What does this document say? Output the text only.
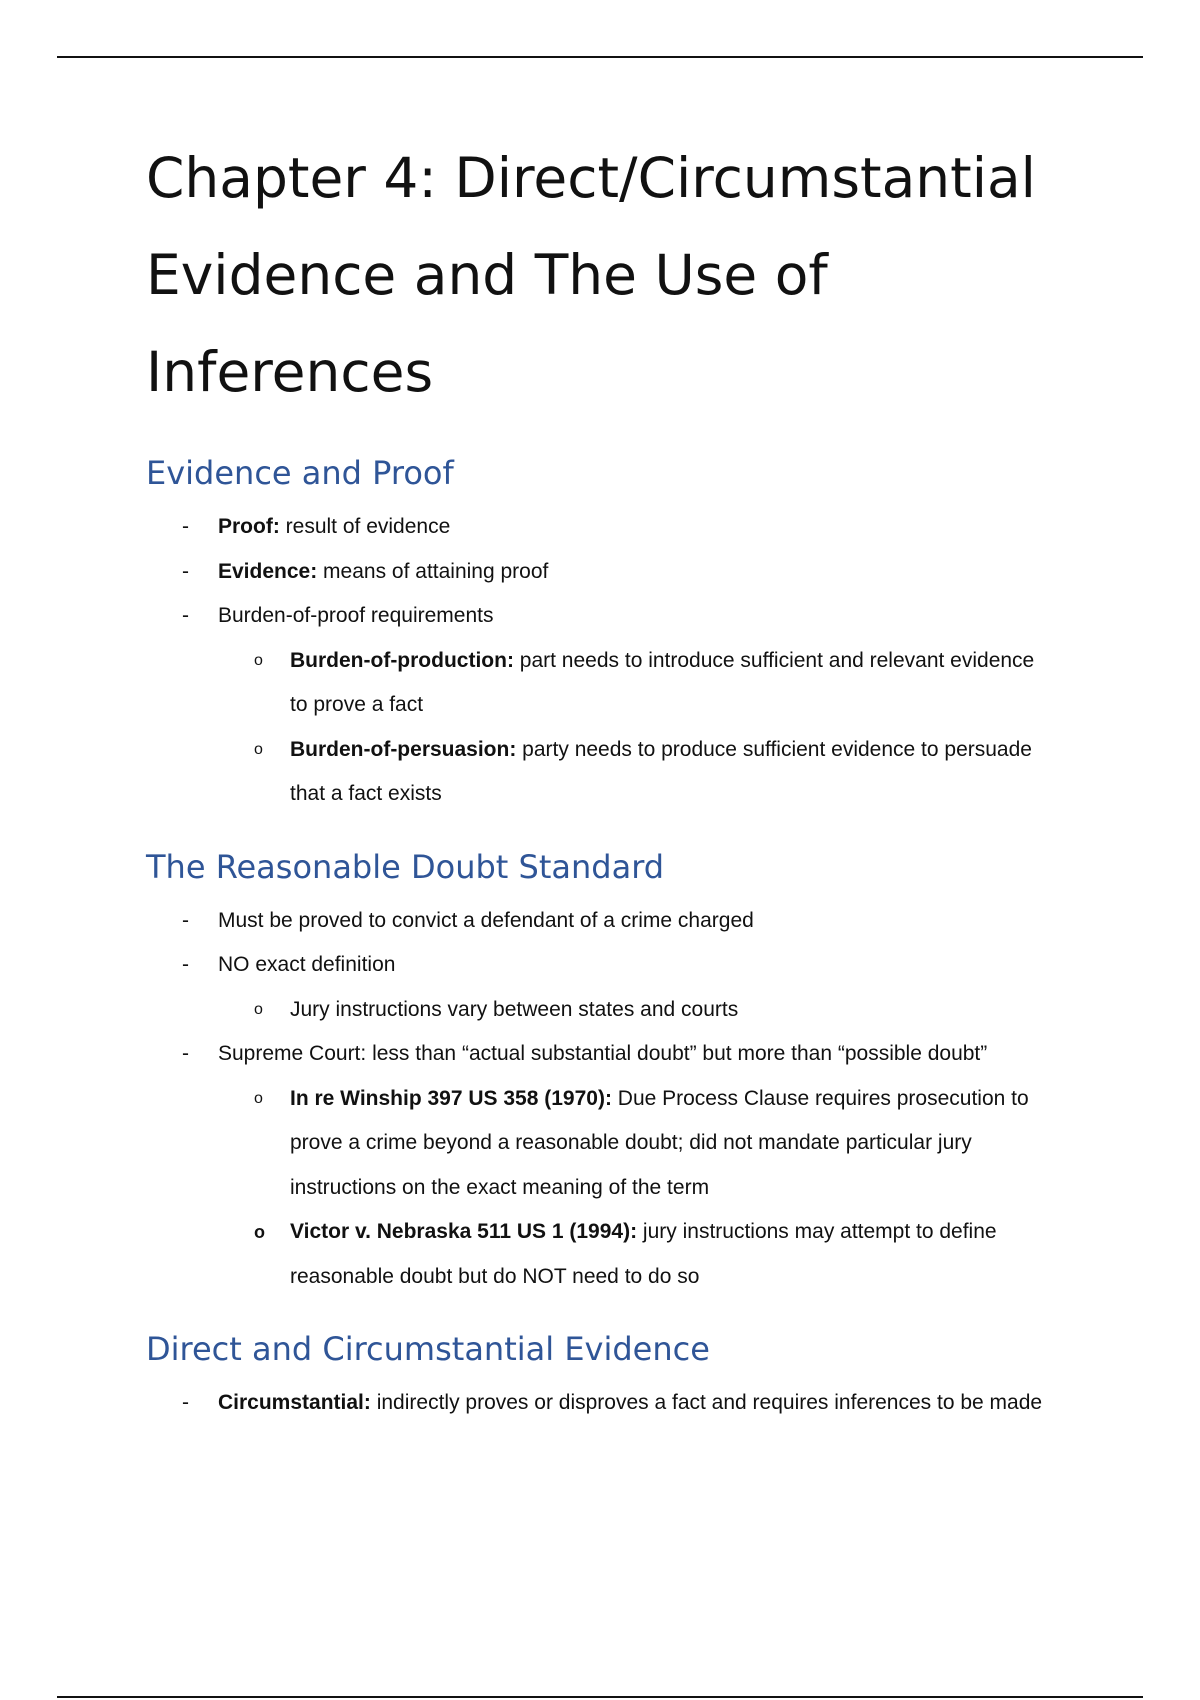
Chapter 4: Direct/Circumstantial
Evidence and The Use of
Inferences
Evidence and Proof
- Proof: result of evidence
- Evidence: means of attaining proof
- Burden-of-proof requirements
o Burden-of-production: part needs to introduce sufficient and relevant evidence
to prove a fact
o Burden-of-persuasion: party needs to produce sufficient evidence to persuade
that a fact exists
The Reasonable Doubt Standard
- Must be proved to convict a defendant of a crime charged
- NO exact definition
o Jury instructions vary between states and courts
- Supreme Court: less than “actual substantial doubt” but more than “possible doubt”
o In re Winship 397 US 358 (1970): Due Process Clause requires prosecution to
prove a crime beyond a reasonable doubt; did not mandate particular jury
instructions on the exact meaning of the term
o Victor v. Nebraska 511 US 1 (1994): jury instructions may attempt to define
reasonable doubt but do NOT need to do so
Direct and Circumstantial Evidence
- Circumstantial: indirectly proves or disproves a fact and requires inferences to be made
